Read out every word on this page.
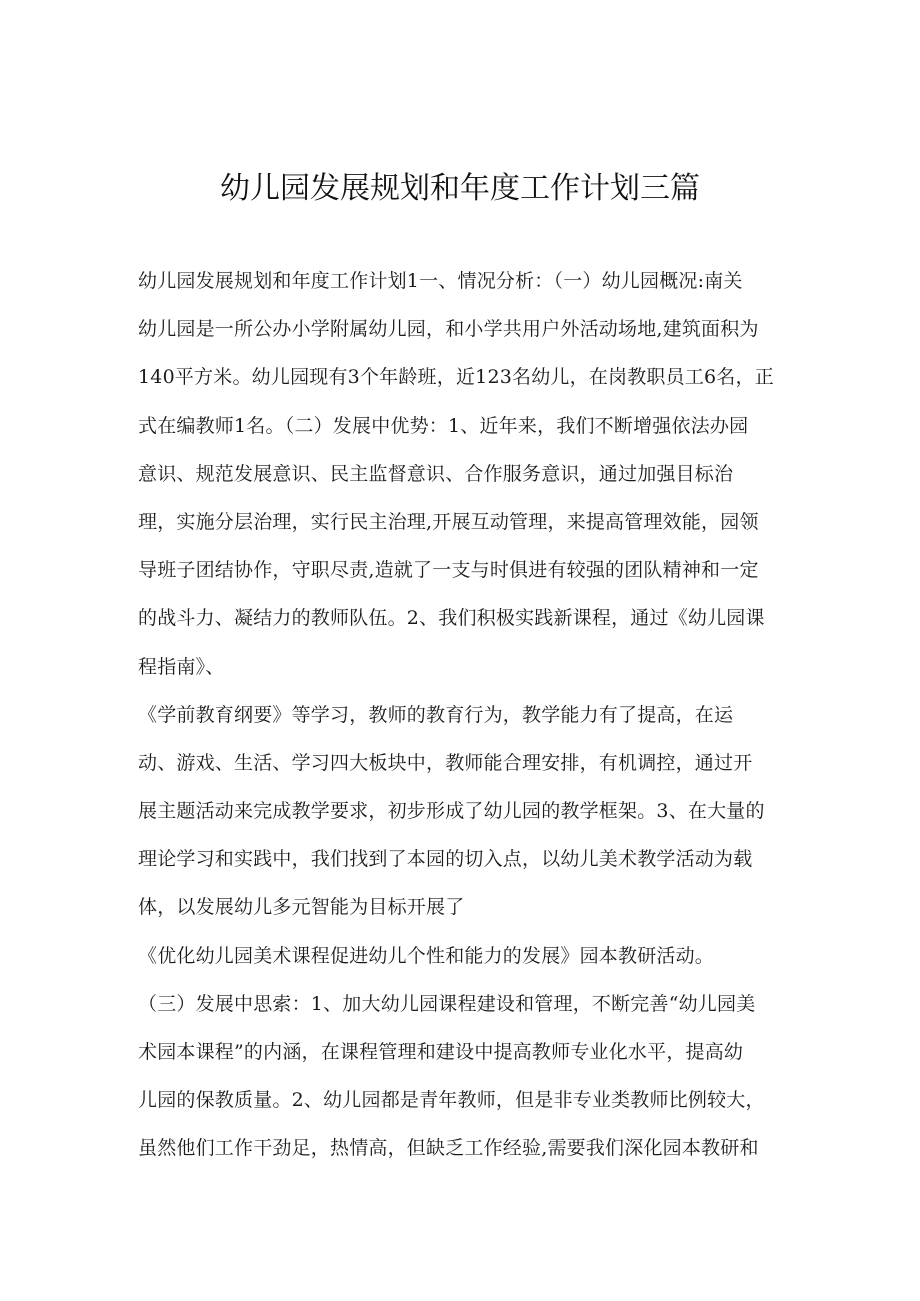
幼儿园发展规划和年度工作计划三篇
幼儿园发展规划和年度工作计划1一、情况分析：（一）幼儿园概况:南关
幼儿园是一所公办小学附属幼儿园，和小学共用户外活动场地,建筑面积为
140平方米。幼儿园现有3个年龄班，近123名幼儿，在岗教职员工6名，正
式在编教师1名。（二）发展中优势：1、近年来，我们不断增强依法办园
意识、规范发展意识、民主监督意识、合作服务意识，通过加强目标治
理，实施分层治理，实行民主治理,开展互动管理，来提高管理效能，园领
导班子团结协作，守职尽责,造就了一支与时俱进有较强的团队精神和一定
的战斗力、凝结力的教师队伍。2、我们积极实践新课程，通过《幼儿园课
程指南》、
《学前教育纲要》等学习，教师的教育行为，教学能力有了提高，在运
动、游戏、生活、学习四大板块中，教师能合理安排，有机调控，通过开
展主题活动来完成教学要求，初步形成了幼儿园的教学框架。3、在大量的
理论学习和实践中，我们找到了本园的切入点，以幼儿美术教学活动为载
体，以发展幼儿多元智能为目标开展了
《优化幼儿园美术课程促进幼儿个性和能力的发展》园本教研活动。
（三）发展中思索：1、加大幼儿园课程建设和管理，不断完善“幼儿园美
术园本课程”的内涵，在课程管理和建设中提高教师专业化水平，提高幼
儿园的保教质量。2、幼儿园都是青年教师，但是非专业类教师比例较大，
虽然他们工作干劲足，热情高，但缺乏工作经验,需要我们深化园本教研和
